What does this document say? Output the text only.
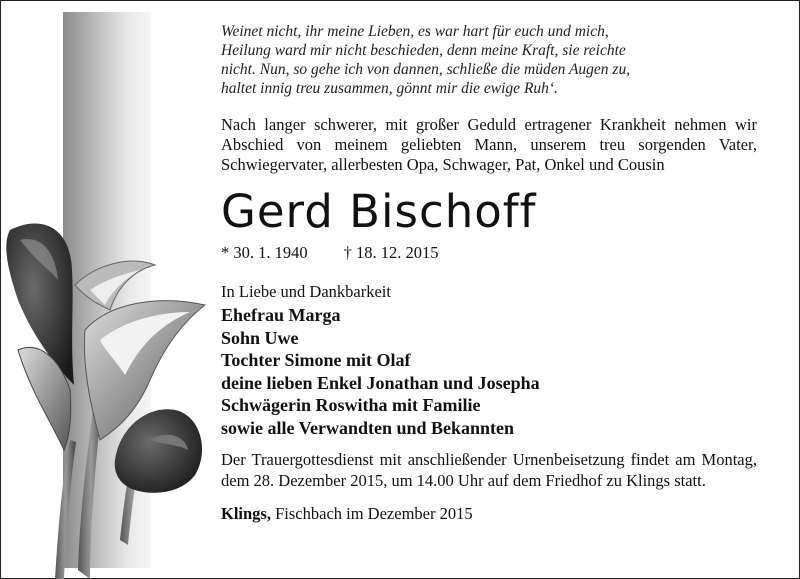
Weinet nicht, ihr meine Lieben, es war hart für euch und mich,
Heilung ward mir nicht beschieden, denn meine Kraft, sie reichte
nicht. Nun, so gehe ich von dannen, schließe die müden Augen zu,
haltet innig treu zusammen, gönnt mir die ewige Ruh‘.
Nach langer schwerer, mit großer Geduld ertragener Krankheit nehmen wir Abschied von meinem geliebten Mann, unserem treu sorgenden Vater, Schwiegervater, allerbesten Opa, Schwager, Pat, Onkel und Cousin
Gerd Bischoff
* 30. 1. 1940 † 18. 12. 2015
In Liebe und Dankbarkeit
Ehefrau Marga
Sohn Uwe
Tochter Simone mit Olaf
deine lieben Enkel Jonathan und Josepha
Schwägerin Roswitha mit Familie
sowie alle Verwandten und Bekannten
Der Trauergottesdienst mit anschließender Urnenbeisetzung findet am Montag, dem 28. Dezember 2015, um 14.00 Uhr auf dem Friedhof zu Klings statt.
Klings, Fischbach im Dezember 2015
